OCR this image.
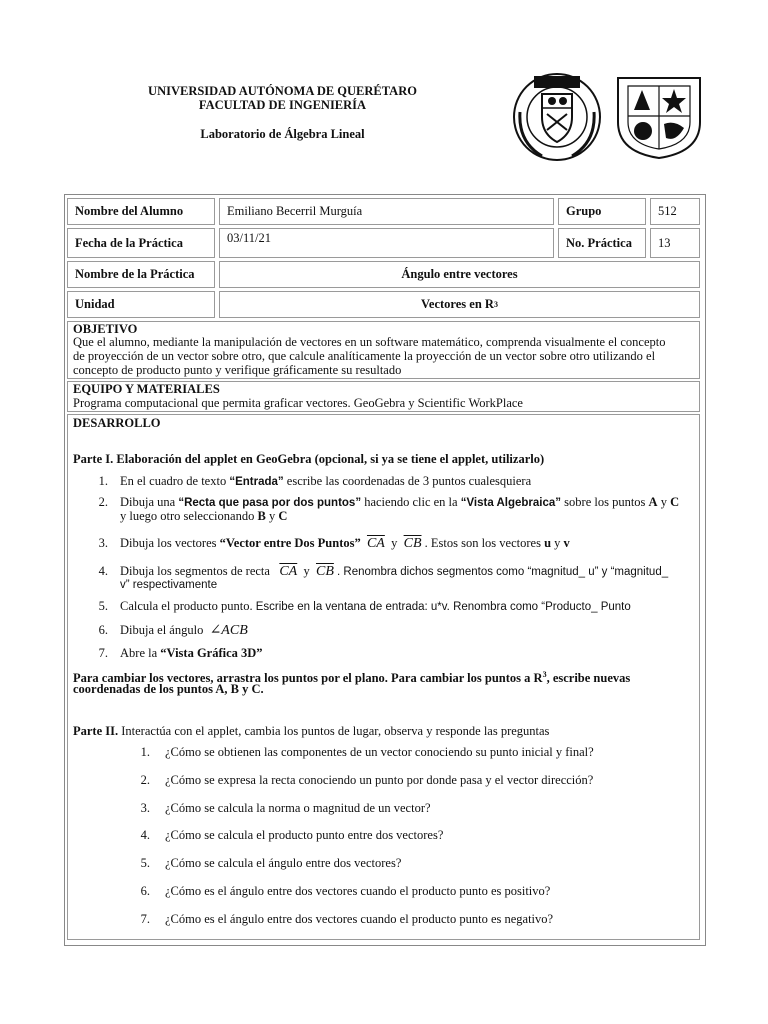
UNIVERSIDAD AUTÓNOMA DE QUERÉTARO
FACULTAD DE INGENIERÍA
Laboratorio de Álgebra Lineal
Nombre del Alumno	Emiliano Becerril Murguía	Grupo	512
Fecha de la Práctica	03/11/21	No. Práctica	13
Nombre de la Práctica	Ángulo entre vectores
Unidad	Vectores en R 3
OBJETIVO
Que el alumno, mediante la manipulación de vectores en un software matemático, comprenda visualmente el concepto
de proyección de un vector sobre otro, que calcule analíticamente la proyección de un vector sobre otro utilizando el
concepto de producto punto y verifique gráficamente su resultado
EQUIPO Y MATERIALES
Programa computacional que permita graficar vectores. GeoGebra y Scientific WorkPlace
DESARROLLO
Parte I. Elaboración del applet en GeoGebra (opcional, si ya se tiene el applet, utilizarlo)
1. En el cuadro de texto “Entrada” escribe las coordenadas de 3 puntos cualesquiera
2. Dibuja una “Recta que pasa por dos puntos” haciendo clic en la “Vista Algebraica” sobre los puntos A y C
y luego otro seleccionando B y C
3. Dibuja los vectores “Vector entre Dos Puntos” $\overline{CA}$ y $\overline{CB}$ . Estos son los vectores u y v
4. Dibuja los segmentos de recta $\overline{CA}$ y $\overline{CB}$ . Renombra dichos segmentos como “magnitud_ u” y “magnitud_
v” respectivamente
5. Calcula el producto punto. Escribe en la ventana de entrada: u*v. Renombra como “Producto_ Punto
6. Dibuja el ángulo ∠ACB
7. Abre la “Vista Gráfica 3D”
Para cambiar los vectores, arrastra los puntos por el plano. Para cambiar los puntos a $R^3$, escribe nuevas
coordenadas de los puntos A, B y C.
Parte II. Interactúa con el applet, cambia los puntos de lugar, observa y responde las preguntas
1. ¿Cómo se obtienen las componentes de un vector conociendo su punto inicial y final?
2. ¿Cómo se expresa la recta conociendo un punto por donde pasa y el vector dirección?
3. ¿Cómo se calcula la norma o magnitud de un vector?
4. ¿Cómo se calcula el producto punto entre dos vectores?
5. ¿Cómo se calcula el ángulo entre dos vectores?
6. ¿Cómo es el ángulo entre dos vectores cuando el producto punto es positivo?
7. ¿Cómo es el ángulo entre dos vectores cuando el producto punto es negativo?
